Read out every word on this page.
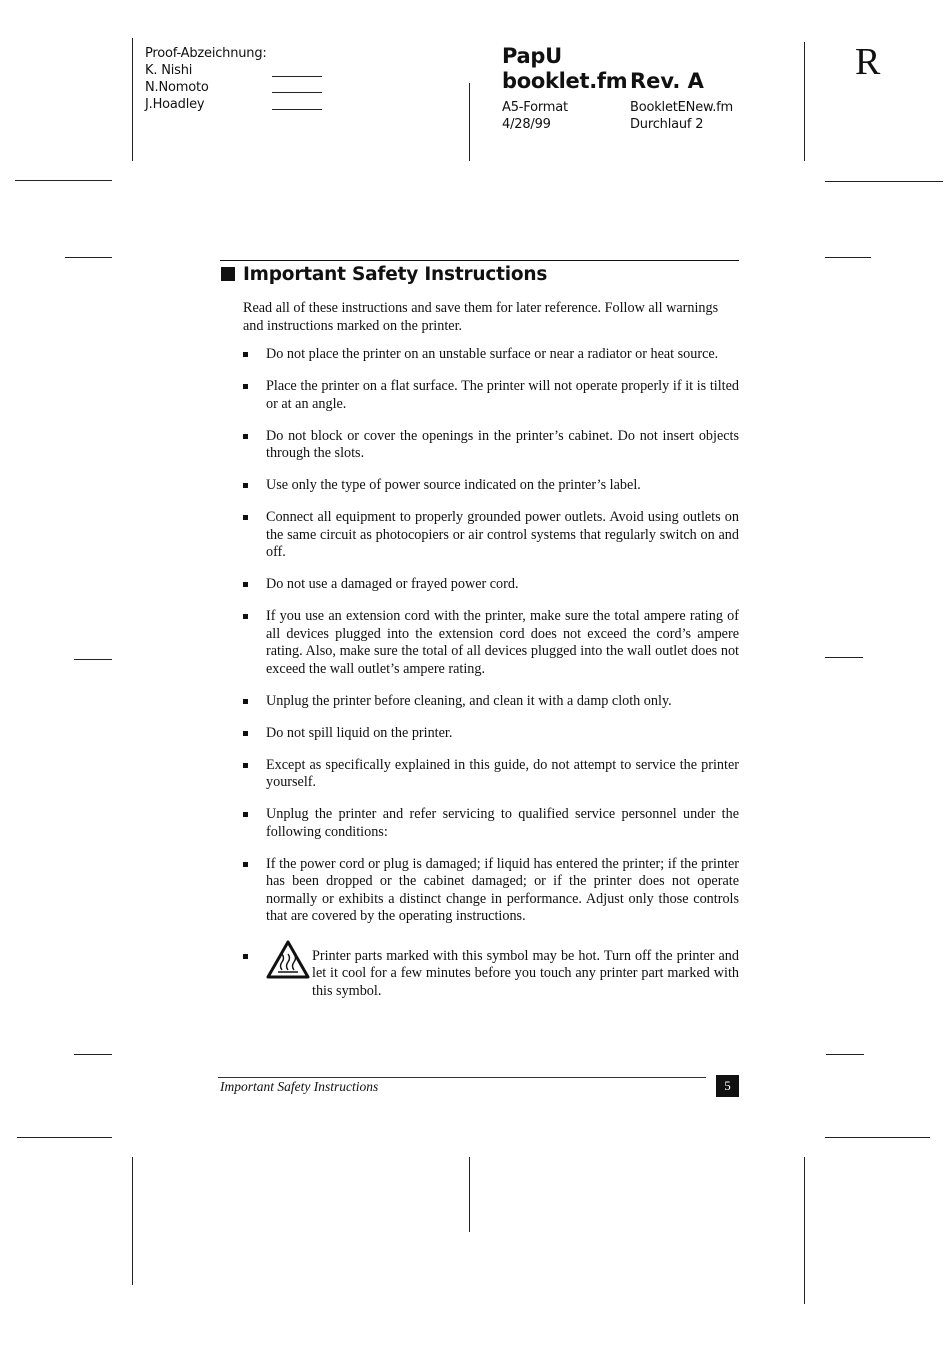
Proof-Abzeichnung:
K. Nishi
N.Nomoto
J.Hoadley
PapU
booklet.fm Rev. A
A5-Format
4/28/99
BookletENew.fm
Durchlauf 2
R
Important Safety Instructions
Read all of these instructions and save them for later reference. Follow all warnings and instructions marked on the printer.
Do not place the printer on an unstable surface or near a radiator or heat source.
Place the printer on a flat surface. The printer will not operate properly if it is tilted or at an angle.
Do not block or cover the openings in the printer’s cabinet. Do not insert objects through the slots.
Use only the type of power source indicated on the printer’s label.
Connect all equipment to properly grounded power outlets. Avoid using outlets on the same circuit as photocopiers or air control systems that regularly switch on and off.
Do not use a damaged or frayed power cord.
If you use an extension cord with the printer, make sure the total ampere rating of all devices plugged into the extension cord does not exceed the cord’s ampere rating. Also, make sure the total of all devices plugged into the wall outlet does not exceed the wall outlet’s ampere rating.
Unplug the printer before cleaning, and clean it with a damp cloth only.
Do not spill liquid on the printer.
Except as specifically explained in this guide, do not attempt to service the printer yourself.
Unplug the printer and refer servicing to qualified service personnel under the following conditions:
If the power cord or plug is damaged; if liquid has entered the printer; if the printer has been dropped or the cabinet damaged; or if the printer does not operate normally or exhibits a distinct change in performance. Adjust only those controls that are covered by the operating instructions.
Printer parts marked with this symbol may be hot. Turn off the printer and let it cool for a few minutes before you touch any printer part marked with this symbol.
Important Safety Instructions	5
